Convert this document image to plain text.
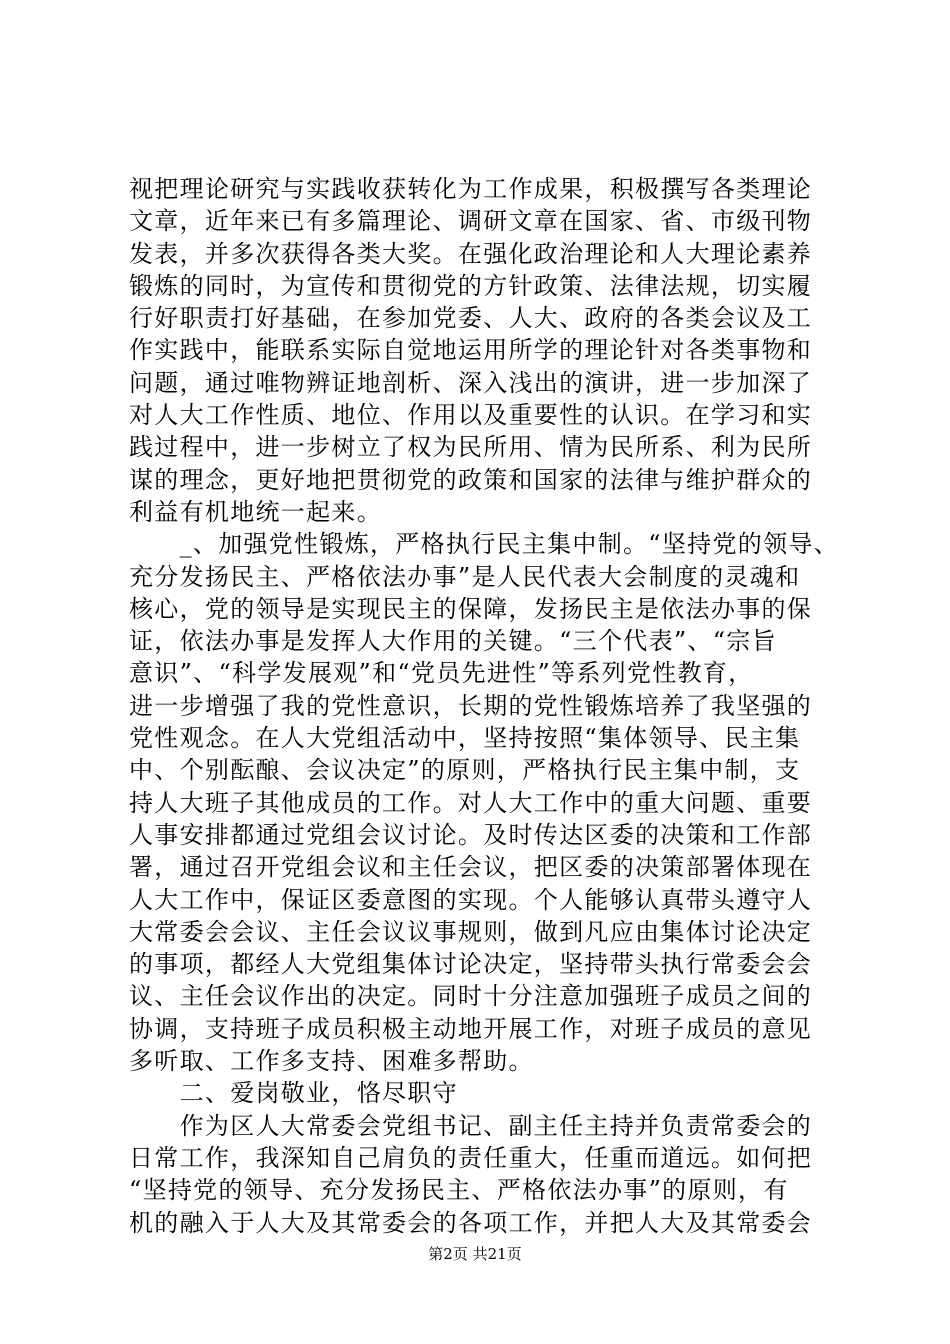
视把理论研究与实践收获转化为工作成果，积极撰写各类理论
文章，近年来已有多篇理论、调研文章在国家、省、市级刊物
发表，并多次获得各类大奖。在强化政治理论和人大理论素养
锻炼的同时，为宣传和贯彻党的方针政策、法律法规，切实履
行好职责打好基础，在参加党委、人大、政府的各类会议及工
作实践中，能联系实际自觉地运用所学的理论针对各类事物和
问题，通过唯物辨证地剖析、深入浅出的演讲，进一步加深了
对人大工作性质、地位、作用以及重要性的认识。在学习和实
践过程中，进一步树立了权为民所用、情为民所系、利为民所
谋的理念，更好地把贯彻党的政策和国家的法律与维护群众的
利益有机地统一起来。
　　_、加强党性锻炼，严格执行民主集中制。“坚持党的领导、
充分发扬民主、严格依法办事”是人民代表大会制度的灵魂和
核心，党的领导是实现民主的保障，发扬民主是依法办事的保
证，依法办事是发挥人大作用的关键。“三个代表”、“宗旨
意识”、“科学发展观”和“党员先进性”等系列党性教育，
进一步增强了我的党性意识，长期的党性锻炼培养了我坚强的
党性观念。在人大党组活动中，坚持按照“集体领导、民主集
中、个别酝酿、会议决定”的原则，严格执行民主集中制，支
持人大班子其他成员的工作。对人大工作中的重大问题、重要
人事安排都通过党组会议讨论。及时传达区委的决策和工作部
署，通过召开党组会议和主任会议，把区委的决策部署体现在
人大工作中，保证区委意图的实现。个人能够认真带头遵守人
大常委会会议、主任会议议事规则，做到凡应由集体讨论决定
的事项，都经人大党组集体讨论决定，坚持带头执行常委会会
议、主任会议作出的决定。同时十分注意加强班子成员之间的
协调，支持班子成员积极主动地开展工作，对班子成员的意见
多听取、工作多支持、困难多帮助。
　　二、爱岗敬业，恪尽职守
　　作为区人大常委会党组书记、副主任主持并负责常委会的
日常工作，我深知自己肩负的责任重大，任重而道远。如何把
“坚持党的领导、充分发扬民主、严格依法办事”的原则，有
机的融入于人大及其常委会的各项工作，并把人大及其常委会
第2页 共21页
